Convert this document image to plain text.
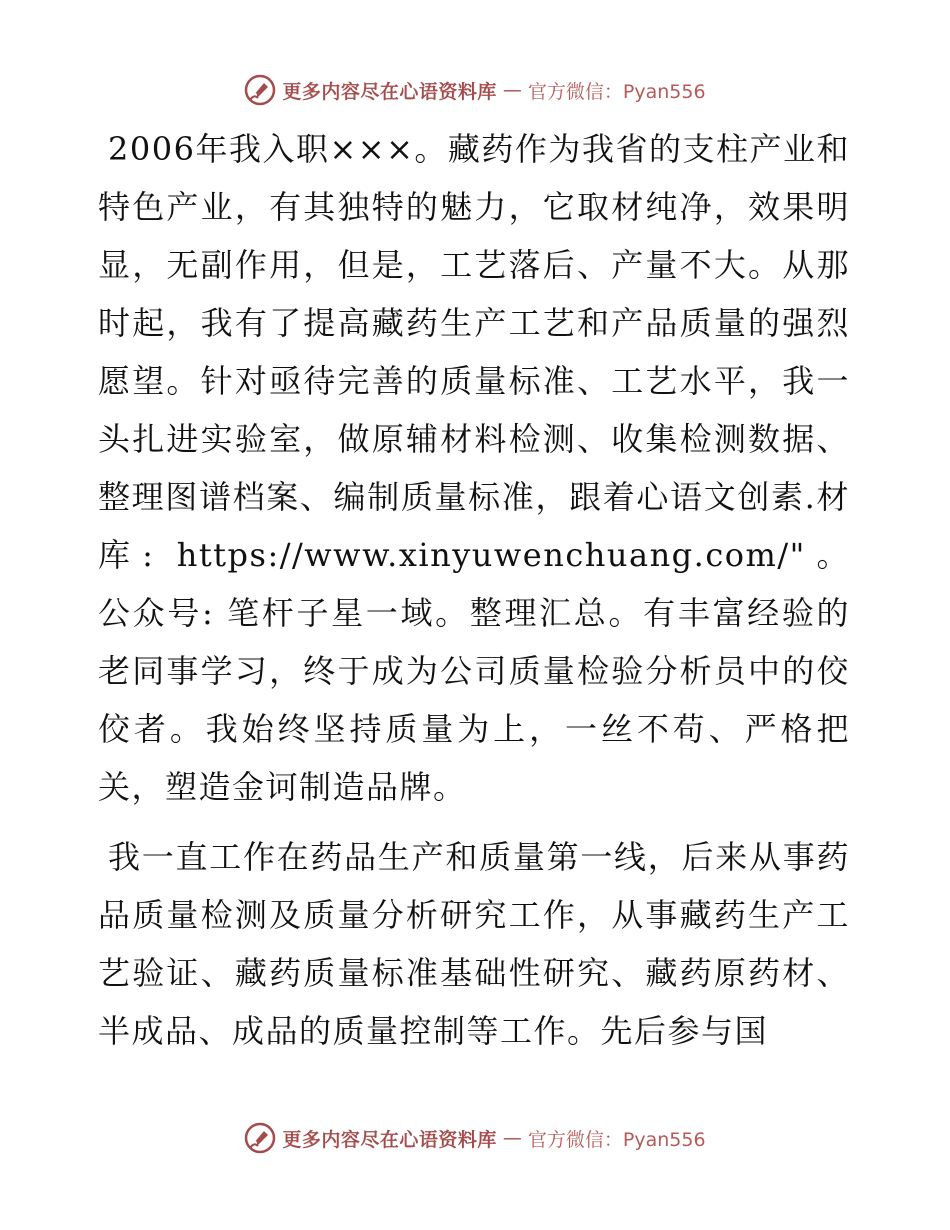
更多内容尽在心语资料库 — 官方微信：Pyan556

2006年我入职×××。藏药作为我省的支柱产业和特色产业，有其独特的魅力，它取材纯净，效果明显，无副作用，但是，工艺落后、产量不大。从那时起，我有了提高藏药生产工艺和产品质量的强烈愿望。针对亟待完善的质量标准、工艺水平，我一头扎进实验室，做原辅材料检测、收集检测数据、整理图谱档案、编制质量标准，跟着心语文创素.材库: https://www.xinyuwenchuang.com/"。公众号: 笔杆子星一域。整理汇总。有丰富经验的老同事学习，终于成为公司质量检验分析员中的佼佼者。我始终坚持质量为上，一丝不苟、严格把关，塑造金诃制造品牌。

我一直工作在药品生产和质量第一线，后来从事药品质量检测及质量分析研究工作，从事藏药生产工艺验证、藏药质量标准基础性研究、藏药原药材、半成品、成品的质量控制等工作。先后参与国

更多内容尽在心语资料库 — 官方微信：Pyan556
